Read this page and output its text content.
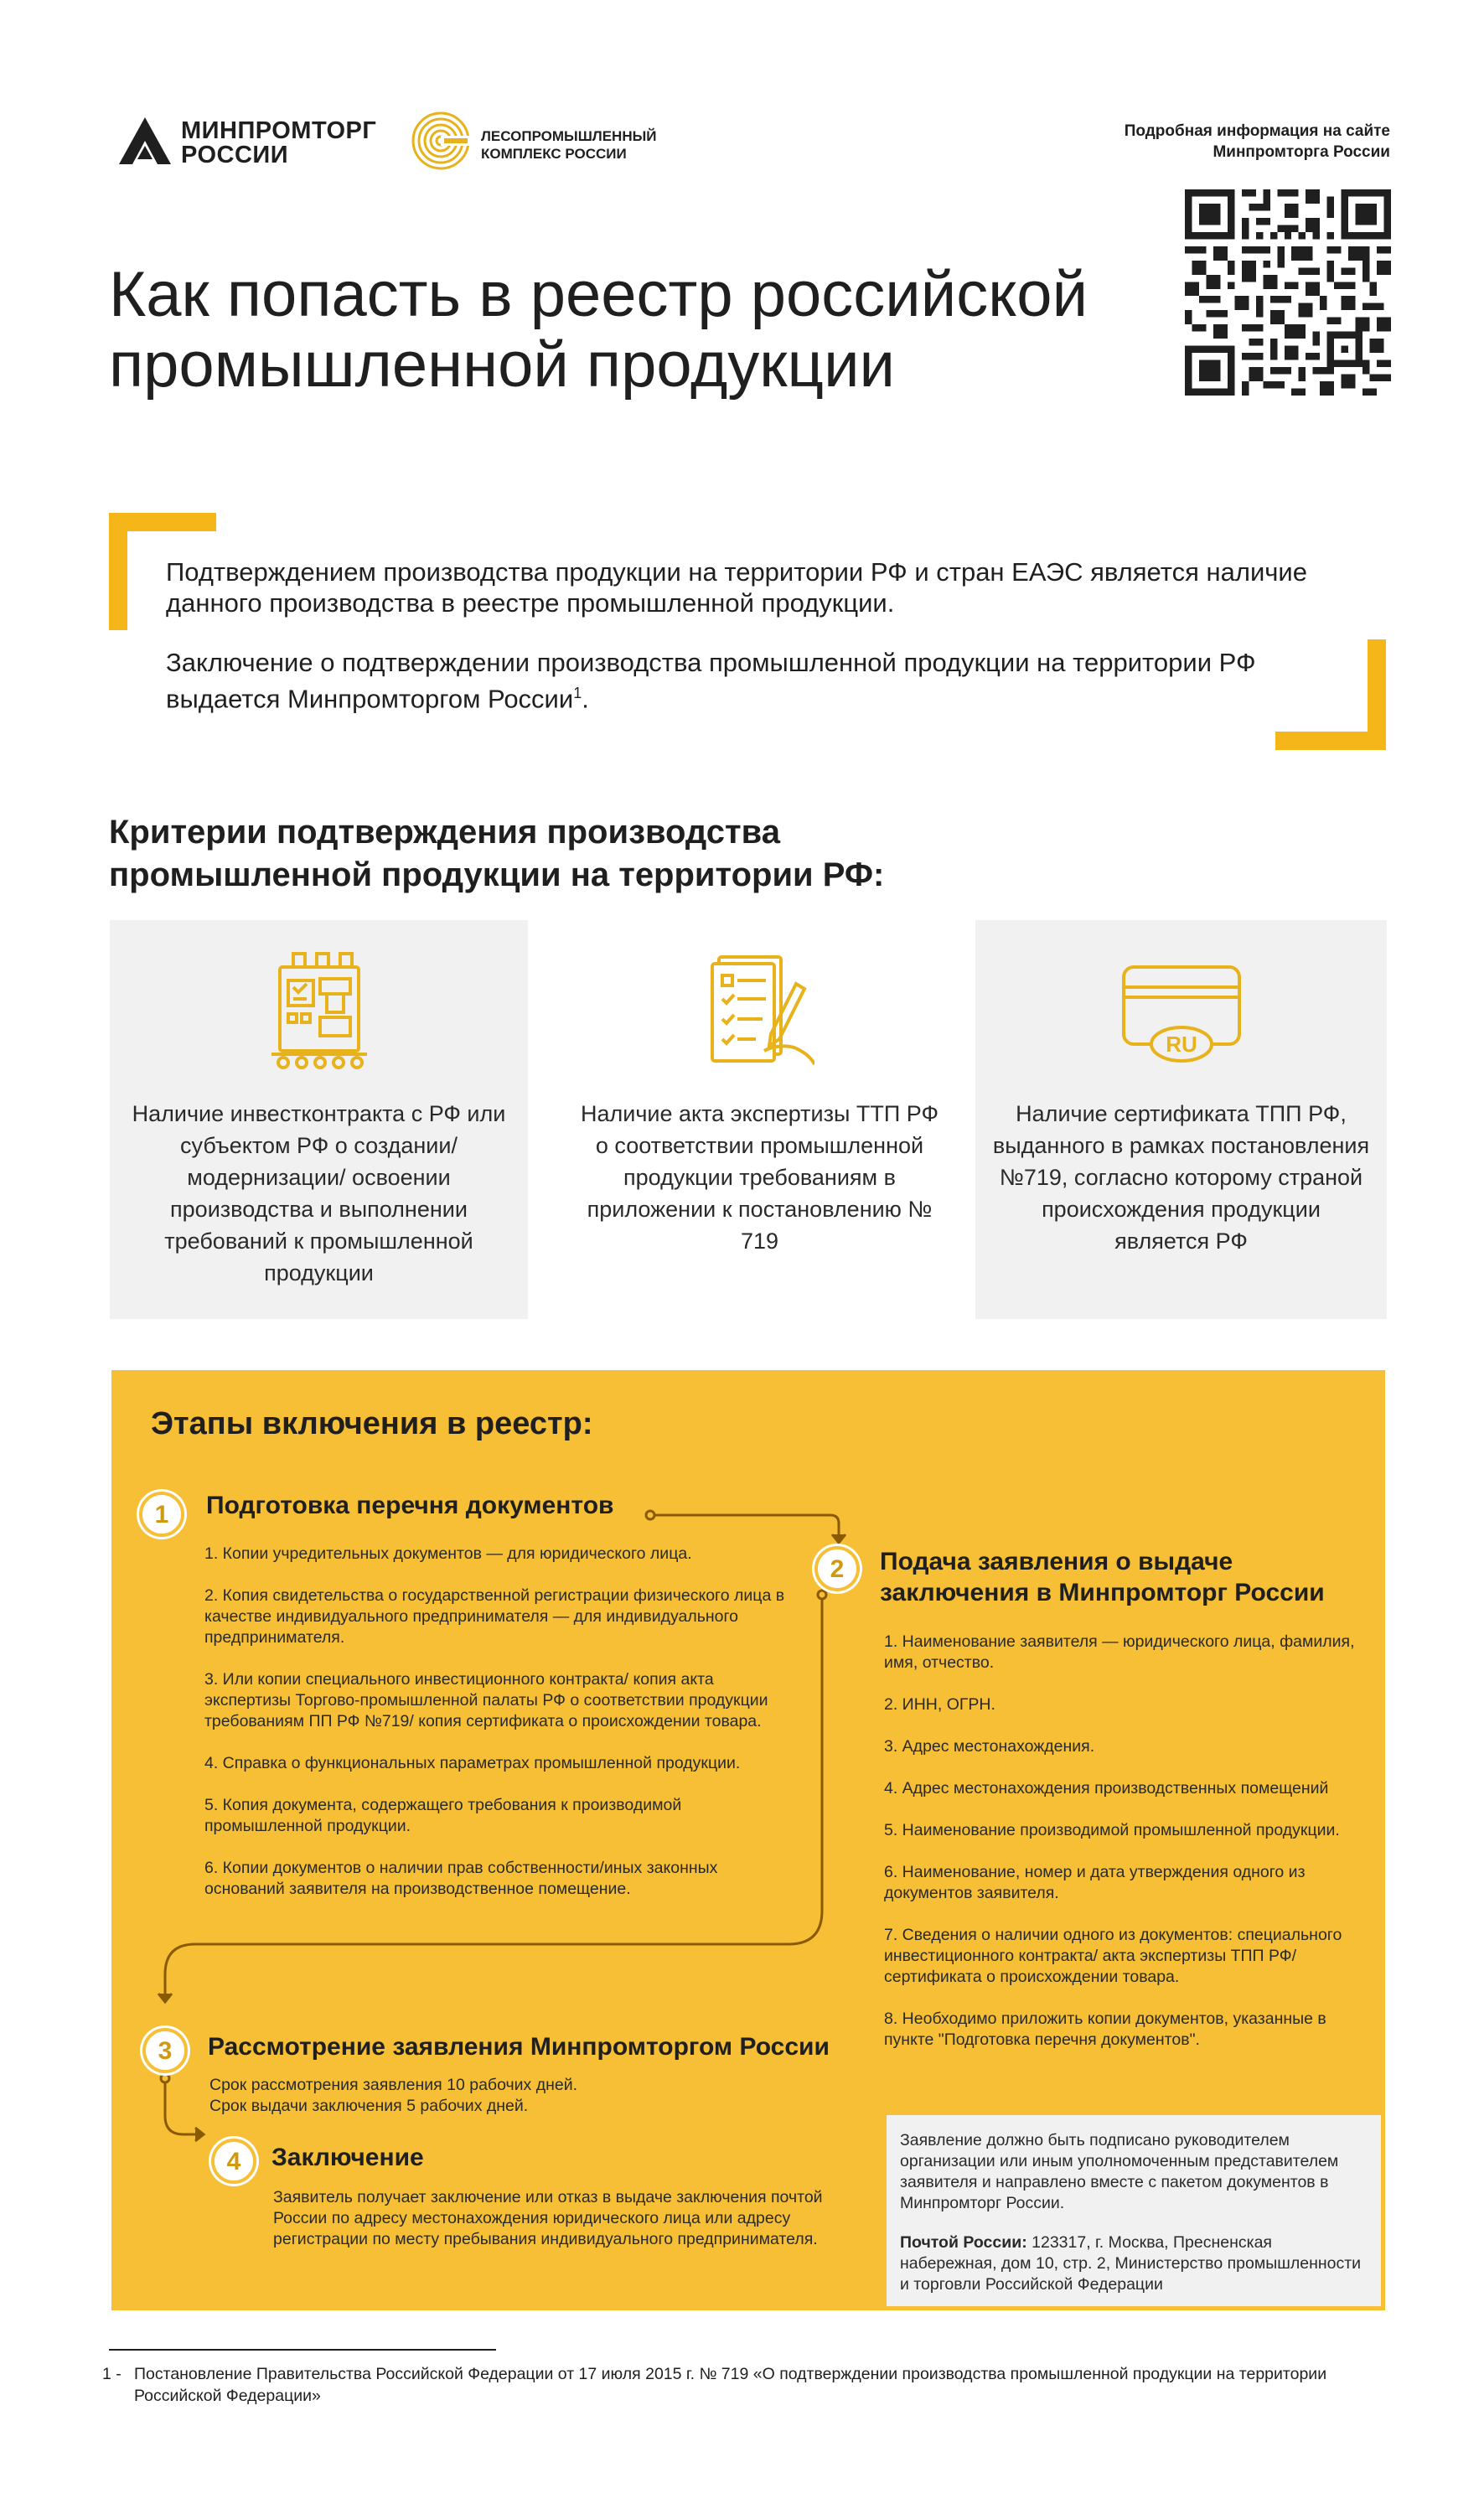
МИНПРОМТОРГ
РОССИИ
ЛЕСОПРОМЫШЛЕННЫЙ
КОМПЛЕКС РОССИИ
Подробная информация на сайте
Минпромторга России
Как попасть в реестр российской промышленной продукции

Подтверждением производства продукции на территории РФ и стран ЕАЭС является наличие данного производства в реестре промышленной продукции.

Заключение о подтверждении производства промышленной продукции на территории РФ выдается Минпромторгом России$^1$.

Критерии подтверждения производства промышленной продукции на территории РФ:
Наличие инвестконтракта с РФ или субъектом РФ о создании/ модернизации/ освоении производства и выполнении требований к промышленной продукции
Наличие акта экспертизы ТТП РФ о соответствии промышленной продукции требованиям в приложении к постановлению № 719
RU
Наличие сертификата ТПП РФ, выданного в рамках постановления №719, согласно которому страной происхождения продукции является РФ
Этапы включения в реестр:
1	Подготовка перечня документов

1. Копии учредительных документов — для юридического лица.

2. Копия свидетельства о государственной регистрации физического лица в качестве индивидуального предпринимателя — для индивидуального предпринимателя.

3. Или копии специального инвестиционного контракта/ копия акта экспертизы Торгово-промышленной палаты РФ о соответствии продукции требованиям ПП РФ №719/ копия сертификата о происхождении товара.

4. Справка о функциональных параметрах промышленной продукции.

5. Копия документа, содержащего требования к производимой промышленной продукции.

6. Копии документов о наличии прав собственности/иных законных оснований заявителя на производственное помещение.

2	Подача заявления о выдаче заключения в Минпромторг России

1. Наименование заявителя — юридического лица, фамилия, имя, отчество.

2. ИНН, ОГРН.

3. Адрес местонахождения.

4. Адрес местонахождения производственных помещений

5. Наименование производимой промышленной продукции.

6. Наименование, номер и дата утверждения одного из документов заявителя.

7. Сведения о наличии одного из документов: специального инвестиционного контракта/ акта экспертизы ТПП РФ/ сертификата о происхождении товара.

8. Необходимо приложить копии документов, указанные в пункте "Подготовка перечня документов".

3	Рассмотрение заявления Минпромторгом России
Срок рассмотрения заявления 10 рабочих дней.
Срок выдачи заключения 5 рабочих дней.
4	Заключение
Заявитель получает заключение или отказ в выдаче заключения почтой России по адресу местонахождения юридического лица или адресу регистрации по месту пребывания индивидуального предпринимателя.

Заявление должно быть подписано руководителем организации или иным уполномоченным представителем заявителя и направлено вместе с пакетом документов в Минпромторг России.

Почтой России: 123317, г. Москва, Пресненская набережная, дом 10, стр. 2, Министерство промышленности и торговли Российской Федерации

1 - Постановление Правительства Российской Федерации от 17 июля 2015 г. № 719 «О подтверждении производства промышленной продукции на территории Российской Федерации»
